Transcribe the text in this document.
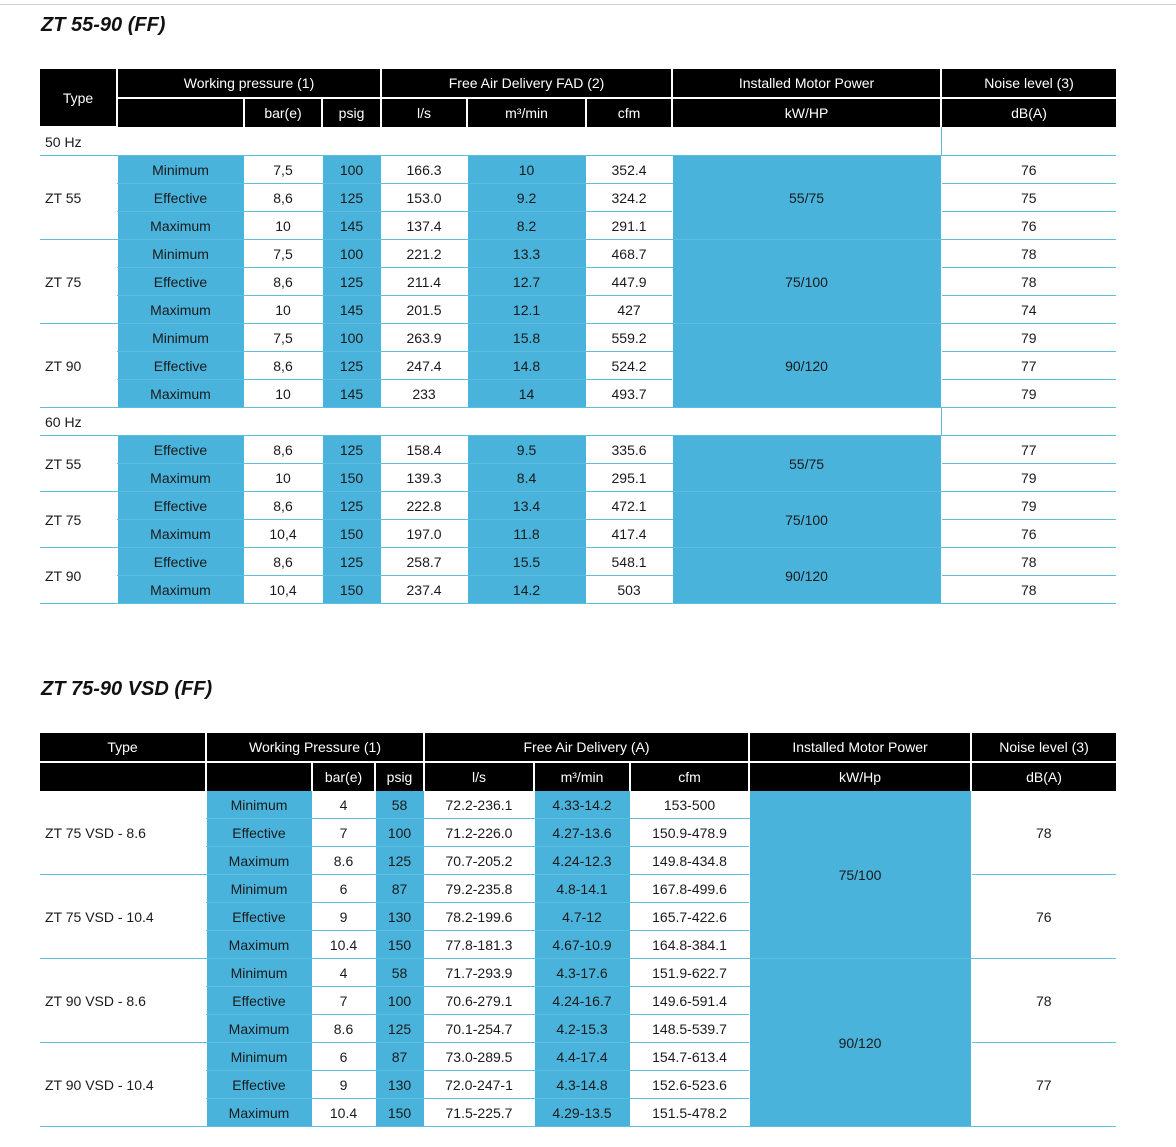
ZT 55-90 (FF)
Type	Working pressure (1)			Free Air Delivery FAD (2)			Installed Motor Power	Noise level (3)
		bar(e)	psig	l/s	m³/min	cfm	kW/HP	dB(A)
50 Hz								
ZT 55	Minimum	7,5	100	166.3	10	352.4	55/75	76
	Effective	8,6	125	153.0	9.2	324.2		75
	Maximum	10	145	137.4	8.2	291.1		76
ZT 75	Minimum	7,5	100	221.2	13.3	468.7	75/100	78
	Effective	8,6	125	211.4	12.7	447.9		78
	Maximum	10	145	201.5	12.1	427		74
ZT 90	Minimum	7,5	100	263.9	15.8	559.2	90/120	79
	Effective	8,6	125	247.4	14.8	524.2		77
	Maximum	10	145	233	14	493.7		79
60 Hz								
ZT 55	Effective	8,6	125	158.4	9.5	335.6	55/75	77
	Maximum	10	150	139.3	8.4	295.1		79
ZT 75	Effective	8,6	125	222.8	13.4	472.1	75/100	79
	Maximum	10,4	150	197.0	11.8	417.4		76
ZT 90	Effective	8,6	125	258.7	15.5	548.1	90/120	78
	Maximum	10,4	150	237.4	14.2	503		78
ZT 75-90 VSD (FF)
Type	Working Pressure (1)			Free Air Delivery (A)			Installed Motor Power	Noise level (3)
		bar(e)	psig	l/s	m³/min	cfm	kW/Hp	dB(A)
ZT 75 VSD - 8.6	Minimum	4	58	72.2-236.1	4.33-14.2	153-500	75/100	78
	Effective	7	100	71.2-226.0	4.27-13.6	150.9-478.9		
	Maximum	8.6	125	70.7-205.2	4.24-12.3	149.8-434.8		
ZT 75 VSD - 10.4	Minimum	6	87	79.2-235.8	4.8-14.1	167.8-499.6		76
	Effective	9	130	78.2-199.6	4.7-12	165.7-422.6		
	Maximum	10.4	150	77.8-181.3	4.67-10.9	164.8-384.1		
ZT 90 VSD - 8.6	Minimum	4	58	71.7-293.9	4.3-17.6	151.9-622.7	90/120	78
	Effective	7	100	70.6-279.1	4.24-16.7	149.6-591.4		
	Maximum	8.6	125	70.1-254.7	4.2-15.3	148.5-539.7		
ZT 90 VSD - 10.4	Minimum	6	87	73.0-289.5	4.4-17.4	154.7-613.4		77
	Effective	9	130	72.0-247-1	4.3-14.8	152.6-523.6		
	Maximum	10.4	150	71.5-225.7	4.29-13.5	151.5-478.2		
